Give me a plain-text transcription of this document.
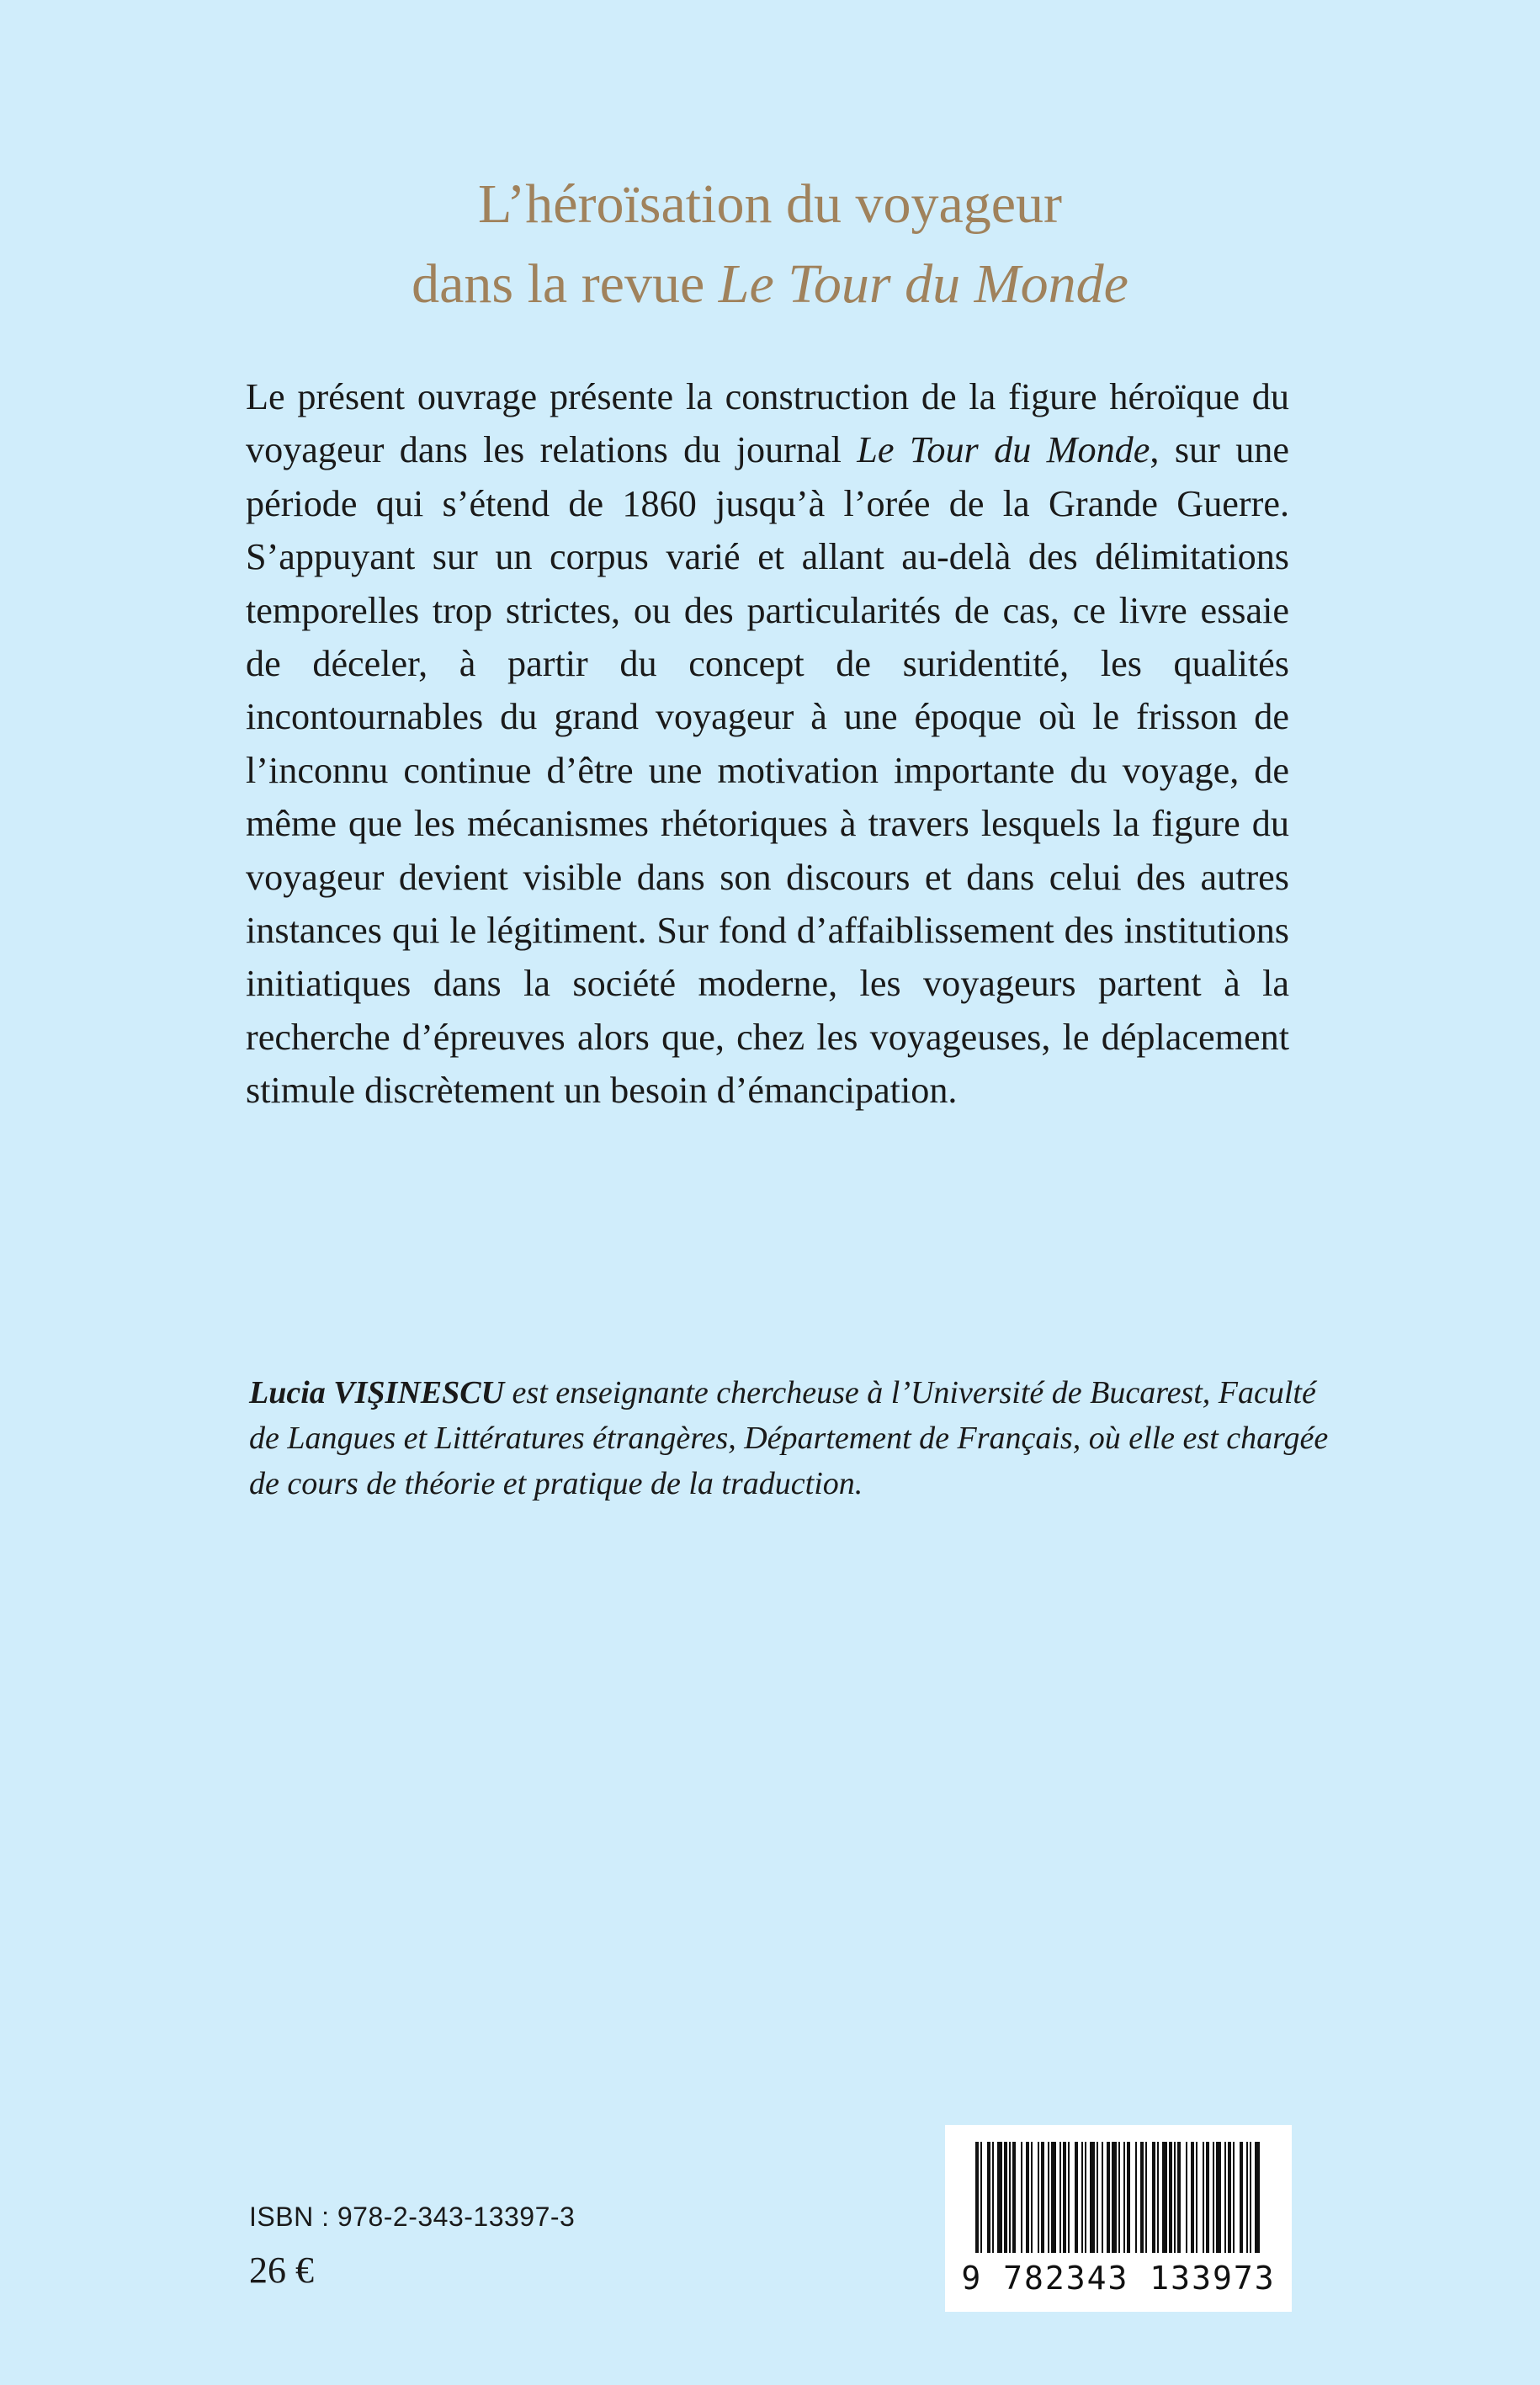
L’héroïsation du voyageur
dans la revue Le Tour du Monde

Le présent ouvrage présente la construction de la figure héroïque du voyageur dans les relations du journal Le Tour du Monde, sur une période qui s’étend de 1860 jusqu’à l’orée de la Grande Guerre. S’appuyant sur un corpus varié et allant au-delà des délimitations temporelles trop strictes, ou des particularités de cas, ce livre essaie de déceler, à partir du concept de suridentité, les qualités incontournables du grand voyageur à une époque où le frisson de l’inconnu continue d’être une motivation importante du voyage, de même que les mécanismes rhétoriques à travers lesquels la figure du voyageur devient visible dans son discours et dans celui des autres instances qui le légitiment. Sur fond d’affaiblissement des institutions initiatiques dans la société moderne, les voyageurs partent à la recherche d’épreuves alors que, chez les voyageuses, le déplacement stimule discrètement un besoin d’émancipation.

Lucia VIŞINESCU est enseignante chercheuse à l’Université de Bucarest, Faculté de Langues et Littératures étrangères, Département de Français, où elle est chargée de cours de théorie et pratique de la traduction.

ISBN : 978-2-343-13397-3

26 €	9 782343 133973
